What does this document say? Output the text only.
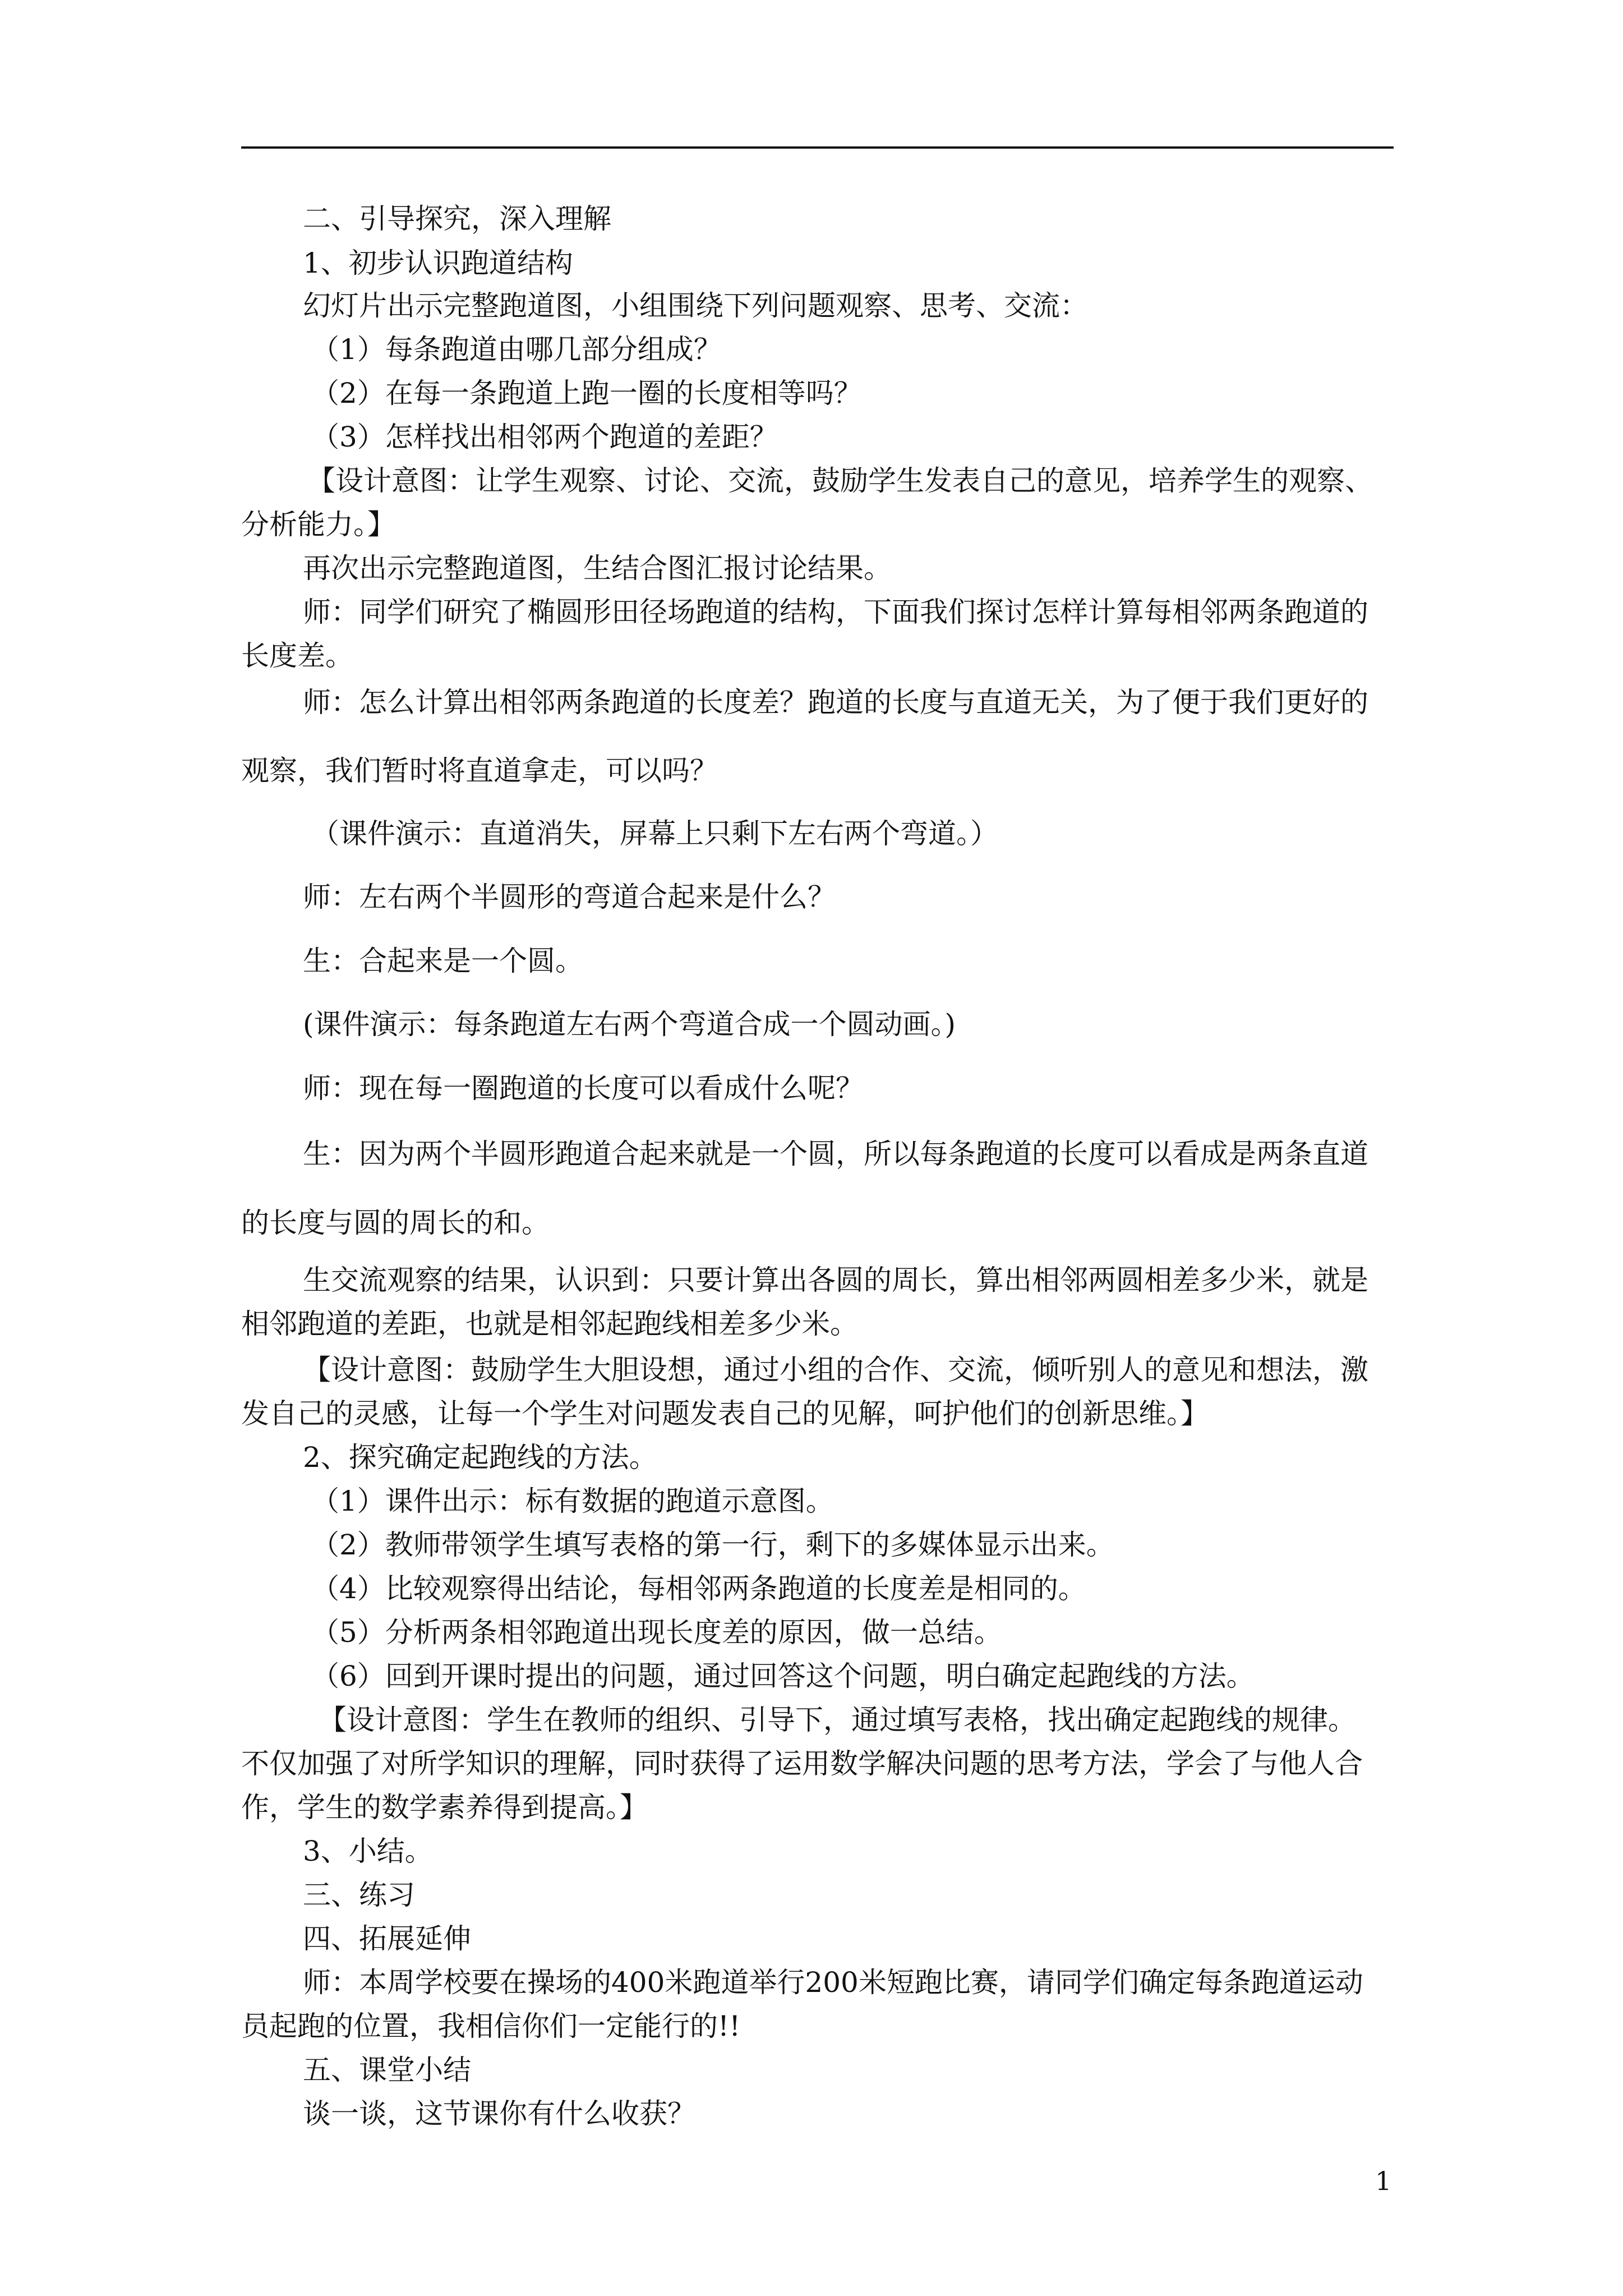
二、引导探究，深入理解
1、初步认识跑道结构
幻灯片出示完整跑道图，小组围绕下列问题观察、思考、交流：
（1）每条跑道由哪几部分组成？
（2）在每一条跑道上跑一圈的长度相等吗？
（3）怎样找出相邻两个跑道的差距？
【设计意图：让学生观察、讨论、交流，鼓励学生发表自己的意见，培养学生的观察、
分析能力。】
再次出示完整跑道图，生结合图汇报讨论结果。
师：同学们研究了椭圆形田径场跑道的结构，下面我们探讨怎样计算每相邻两条跑道的
长度差。
师：怎么计算出相邻两条跑道的长度差？跑道的长度与直道无关，为了便于我们更好的
观察，我们暂时将直道拿走，可以吗？
（课件演示：直道消失，屏幕上只剩下左右两个弯道。）
师：左右两个半圆形的弯道合起来是什么？
生：合起来是一个圆。
(课件演示：每条跑道左右两个弯道合成一个圆动画。)
师：现在每一圈跑道的长度可以看成什么呢？
生：因为两个半圆形跑道合起来就是一个圆，所以每条跑道的长度可以看成是两条直道
的长度与圆的周长的和。
生交流观察的结果，认识到：只要计算出各圆的周长，算出相邻两圆相差多少米，就是
相邻跑道的差距，也就是相邻起跑线相差多少米。
【设计意图：鼓励学生大胆设想，通过小组的合作、交流，倾听别人的意见和想法，激
发自己的灵感，让每一个学生对问题发表自己的见解，呵护他们的创新思维。】
2、探究确定起跑线的方法。
（1）课件出示：标有数据的跑道示意图。
（2）教师带领学生填写表格的第一行，剩下的多媒体显示出来。
（4）比较观察得出结论，每相邻两条跑道的长度差是相同的。
（5）分析两条相邻跑道出现长度差的原因，做一总结。
（6）回到开课时提出的问题，通过回答这个问题，明白确定起跑线的方法。
【设计意图：学生在教师的组织、引导下，通过填写表格，找出确定起跑线的规律。
不仅加强了对所学知识的理解，同时获得了运用数学解决问题的思考方法，学会了与他人合
作，学生的数学素养得到提高。】
3、小结。
三、练习
四、拓展延伸
师：本周学校要在操场的400米跑道举行200米短跑比赛，请同学们确定每条跑道运动
员起跑的位置，我相信你们一定能行的!!
五、课堂小结
谈一谈，这节课你有什么收获？
1
